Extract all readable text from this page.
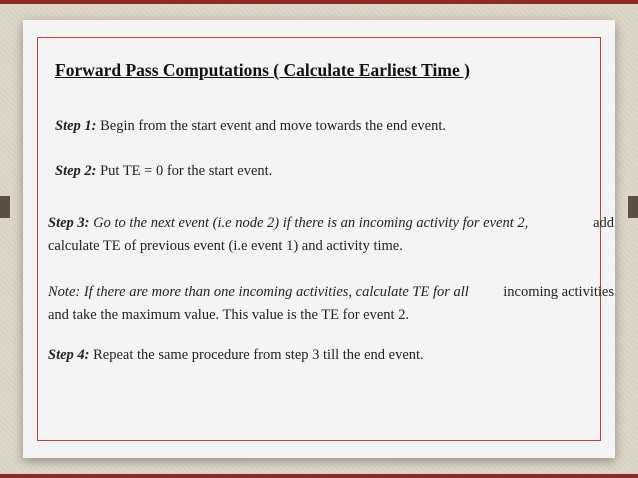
Forward Pass Computations ( Calculate Earliest Time )
Step 1: Begin from the start event and move towards the end event.
Step 2: Put TE = 0 for the start event.
Step 3: Go to the next event (i.e node 2) if there is an incoming activity for event 2,	add
calculate TE of previous event (i.e event 1) and activity time.
Note: If there are more than one incoming activities, calculate TE for all incoming activities
and take the maximum value. This value is the TE for event 2.
Step 4: Repeat the same procedure from step 3 till the end event.
